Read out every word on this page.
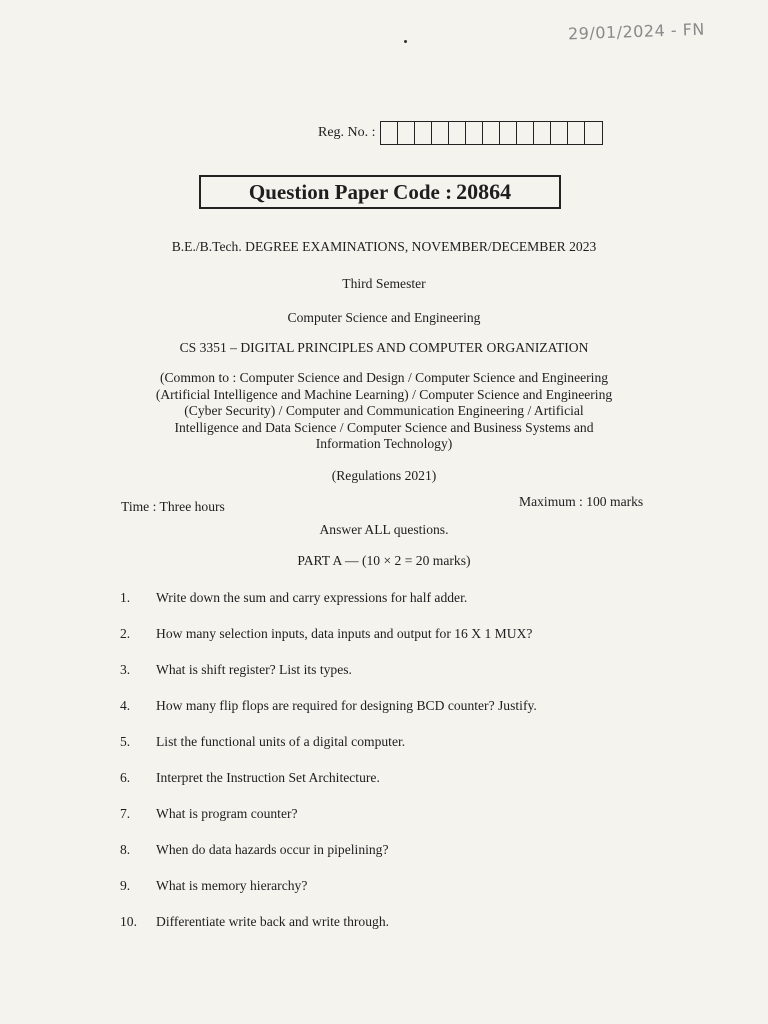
29/01/2024 - FN
Reg. No. :
Question Paper Code : 20864
B.E./B.Tech. DEGREE EXAMINATIONS, NOVEMBER/DECEMBER 2023
Third Semester
Computer Science and Engineering
CS 3351 – DIGITAL PRINCIPLES AND COMPUTER ORGANIZATION
(Common to : Computer Science and Design / Computer Science and Engineering
(Artificial Intelligence and Machine Learning) / Computer Science and Engineering
(Cyber Security) / Computer and Communication Engineering / Artificial
Intelligence and Data Science / Computer Science and Business Systems and
Information Technology)
(Regulations 2021)
Time : Three hours	Maximum : 100 marks
Answer ALL questions.
PART A — (10 × 2 = 20 marks)
1.	Write down the sum and carry expressions for half adder.
2.	How many selection inputs, data inputs and output for 16 X 1 MUX?
3.	What is shift register? List its types.
4.	How many flip flops are required for designing BCD counter? Justify.
5.	List the functional units of a digital computer.
6.	Interpret the Instruction Set Architecture.
7.	What is program counter?
8.	When do data hazards occur in pipelining?
9.	What is memory hierarchy?
10.	Differentiate write back and write through.
